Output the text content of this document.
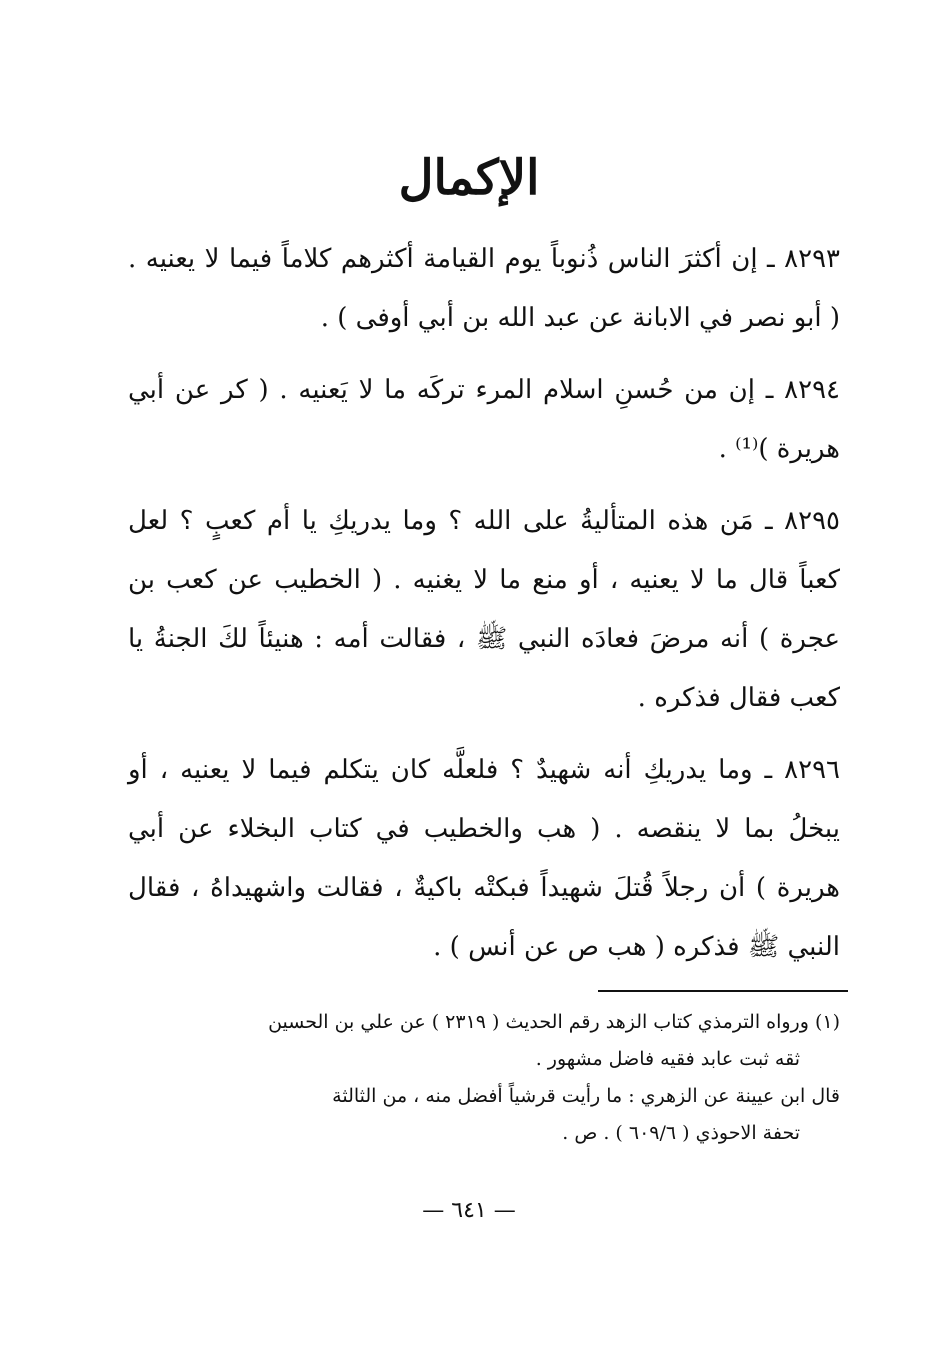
الإكمال

٨٢٩٣ ـ إن أكثرَ الناس ذُنوباً يوم القيامة أكثرهم كلاماً فيما لا يعنيه . ( أبو نصر في الابانة عن عبد الله بن أبي أوفى ) .

٨٢٩٤ ـ إن من حُسنِ اسلام المرء تركَه ما لا يَعنيه . ( كر عن أبي هريرة )⁽¹⁾ .

٨٢٩٥ ـ مَن هذه المتأليةُ على الله ؟ وما يدريكِ يا أم كعبٍ ؟ لعل كعباً قال ما لا يعنيه ، أو منع ما لا يغنيه . ( الخطيب عن كعب بن عجرة ) أنه مرضَ فعادَه النبي ﷺ ، فقالت أمه : هنيئاً لكَ الجنةُ يا كعب فقال فذكره .

٨٢٩٦ ـ وما يدريكِ أنه شهيدٌ ؟ فلعلَّه كان يتكلم فيما لا يعنيه ، أو يبخلُ بما لا ينقصه . ( هب والخطيب في كتاب البخلاء عن أبي هريرة ) أن رجلاً قُتلَ شهيداً فبكتْه باكيةٌ ، فقالت واشهيداهُ ، فقال النبي ﷺ فذكره ( هب ص عن أنس ) .

(١) ورواه الترمذي كتاب الزهد رقم الحديث ( ٢٣١٩ ) عن علي بن الحسين

ثقه ثبت عابد فقيه فاضل مشهور .

قال ابن عيينة عن الزهري : ما رأيت قرشياً أفضل منه ، من الثالثة

تحفة الاحوذي ( ٦٠٩/٦ ) . ص .

— ٦٤١ —
